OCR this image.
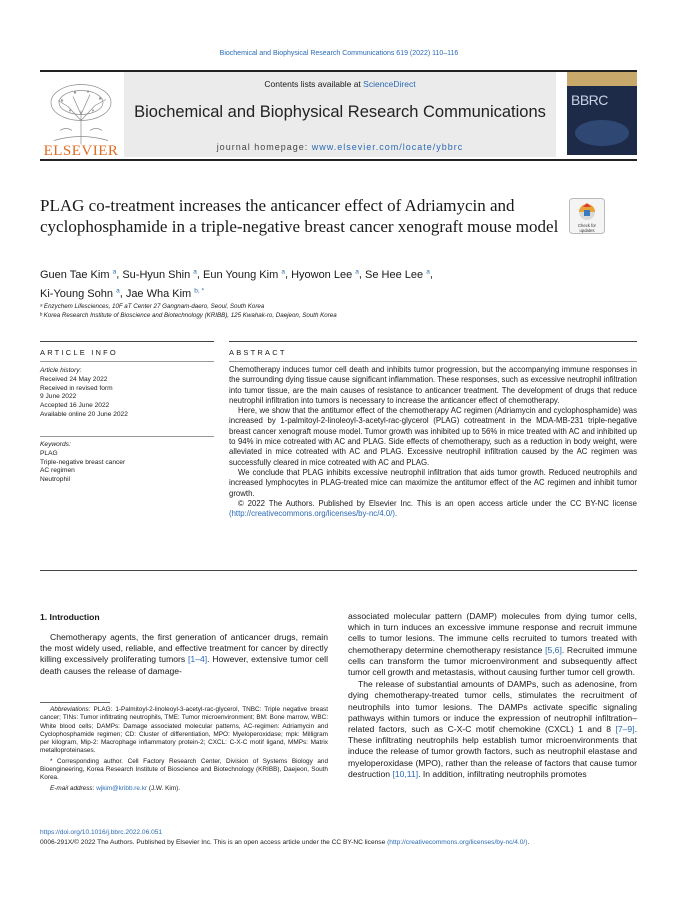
Biochemical and Biophysical Research Communications 619 (2022) 110–116
ELSEVIER
Contents lists available at ScienceDirect
Biochemical and Biophysical Research Communications
journal homepage: www.elsevier.com/locate/ybbrc
BBRC
PLAG co-treatment increases the anticancer effect of Adriamycin and cyclophosphamide in a triple-negative breast cancer xenograft mouse model	Check for updates
Guen Tae Kim $^a$, Su-Hyun Shin $^a$, Eun Young Kim $^a$, Hyowon Lee $^a$, Se Hee Lee $^a$,
Ki-Young Sohn $^a$, Jae Wha Kim $^{b, *}$
ᵃ Enzychem Lifesciences, 10F aT Center 27 Gangnam-daero, Seoul, South Korea
ᵇ Korea Research Institute of Bioscience and Biotechnology (KRIBB), 125 Kwahak-ro, Daejeon, South Korea
ARTICLE INFO
Article history:
Received 24 May 2022
Received in revised form
9 June 2022
Accepted 16 June 2022
Available online 20 June 2022
Keywords:
PLAG
Triple-negative breast cancer
AC regimen
Neutrophil
ABSTRACT

Chemotherapy induces tumor cell death and inhibits tumor progression, but the accompanying immune responses in the surrounding dying tissue cause significant inflammation. These responses, such as excessive neutrophil infiltration into tumor tissue, are the main causes of resistance to anticancer treatment. The development of drugs that reduce neutrophil infiltration into tumors is necessary to increase the anticancer effect of chemotherapy.

Here, we show that the antitumor effect of the chemotherapy AC regimen (Adriamycin and cyclophosphamide) was increased by 1-palmitoyl-2-linoleoyl-3-acetyl-rac-glycerol (PLAG) cotreatment in the MDA-MB-231 triple-negative breast cancer xenograft mouse model. Tumor growth was inhibited up to 56% in mice treated with AC and inhibited up to 94% in mice cotreated with AC and PLAG. Side effects of chemotherapy, such as a reduction in body weight, were alleviated in mice cotreated with AC and PLAG. Excessive neutrophil infiltration caused by the AC regimen was successfully cleared in mice cotreated with AC and PLAG.

We conclude that PLAG inhibits excessive neutrophil infiltration that aids tumor growth. Reduced neutrophils and increased lymphocytes in PLAG-treated mice can maximize the antitumor effect of the AC regimen and inhibit tumor growth.

© 2022 The Authors. Published by Elsevier Inc. This is an open access article under the CC BY-NC license (http://creativecommons.org/licenses/by-nc/4.0/).

1. Introduction

Chemotherapy agents, the first generation of anticancer drugs, remain the most widely used, reliable, and effective treatment for cancer by directly killing excessively proliferating tumors [1–4]. However, extensive tumor cell death causes the release of damage-

Abbreviations: PLAG: 1-Palmitoyl-2-linoleoyl-3-acetyl-rac-glycerol, TNBC: Triple negative breast cancer; TINs: Tumor infiltrating neutrophils, TME: Tumor microenvironment; BM: Bone marrow, WBC: White blood cells; DAMPs: Damage associated molecular patterns, AC-regimen: Adriamycin and Cyclophosphamide regimen; CD: Cluster of differentiation, MPO: Myeloperoxidase; mpk: Milligram per kilogram, Mip-2: Macrophage inflammatory protein-2; CXCL: C-X-C motif ligand, MMPs: Matrix metalloproteinases.

* Corresponding author. Cell Factory Research Center, Division of Systems Biology and Bioengineering, Korea Research Institute of Bioscience and Biotechnology (KRIBB), Daejeon, South Korea.

E-mail address: wjkim@kribb.re.kr (J.W. Kim).

associated molecular pattern (DAMP) molecules from dying tumor cells, which in turn induces an excessive immune response and recruit immune cells to tumor lesions. The immune cells recruited to tumors treated with chemotherapy determine chemotherapy resistance [5,6]. Recruited immune cells can transform the tumor microenvironment and subsequently affect tumor cell growth and metastasis, without causing further tumor cell growth.

The release of substantial amounts of DAMPs, such as adenosine, from dying chemotherapy-treated tumor cells, stimulates the recruitment of neutrophils into tumor lesions. The DAMPs activate specific signaling pathways within tumors or induce the expression of neutrophil infiltration–related factors, such as C-X-C motif chemokine (CXCL) 1 and 8 [7–9]. These infiltrating neutrophils help establish tumor microenvironments that induce the release of tumor growth factors, such as neutrophil elastase and myeloperoxidase (MPO), rather than the release of factors that cause tumor destruction [10,11]. In addition, infiltrating neutrophils promotes

https://doi.org/10.1016/j.bbrc.2022.06.051
0006-291X/© 2022 The Authors. Published by Elsevier Inc. This is an open access article under the CC BY-NC license (http://creativecommons.org/licenses/by-nc/4.0/).
